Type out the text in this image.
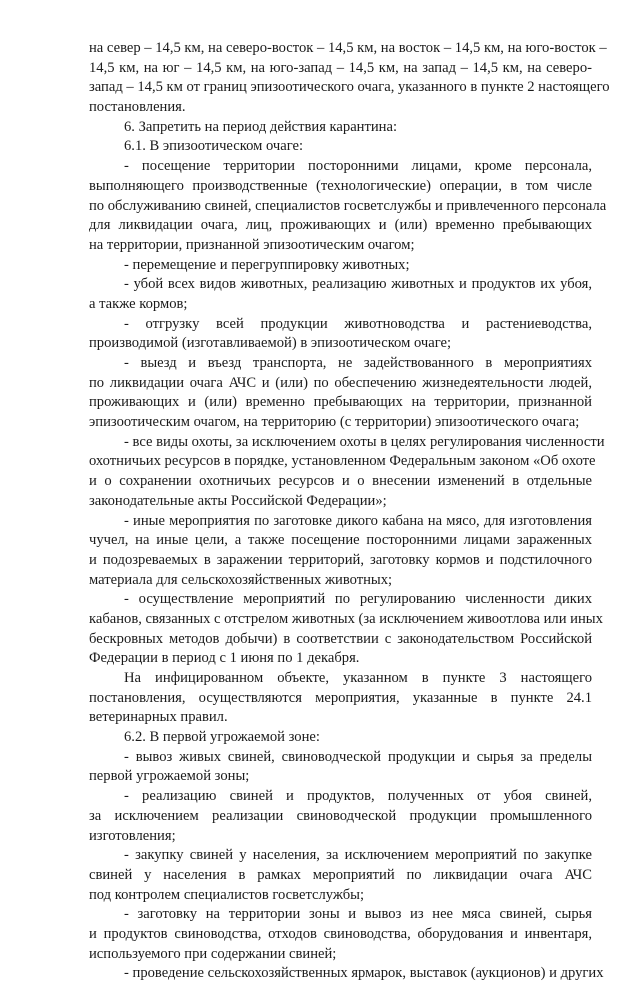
на север – 14,5 км, на северо-восток – 14,5 км, на восток – 14,5 км, на юго-восток –
14,5 км, на юг – 14,5 км, на юго-запад – 14,5 км, на запад – 14,5 км, на северо-
запад – 14,5 км от границ эпизоотического очага, указанного в пункте 2 настоящего
постановления.
6. Запретить на период действия карантина:
6.1. В эпизоотическом очаге:
- посещение территории посторонними лицами, кроме персонала,
выполняющего производственные (технологические) операции, в том числе
по обслуживанию свиней, специалистов госветслужбы и привлеченного персонала
для ликвидации очага, лиц, проживающих и (или) временно пребывающих
на территории, признанной эпизоотическим очагом;
- перемещение и перегруппировку животных;
- убой всех видов животных, реализацию животных и продуктов их убоя,
а также кормов;
- отгрузку всей продукции животноводства и растениеводства,
производимой (изготавливаемой) в эпизоотическом очаге;
- выезд и въезд транспорта, не задействованного в мероприятиях
по ликвидации очага АЧС и (или) по обеспечению жизнедеятельности людей,
проживающих и (или) временно пребывающих на территории, признанной
эпизоотическим очагом, на территорию (с территории) эпизоотического очага;
- все виды охоты, за исключением охоты в целях регулирования численности
охотничьих ресурсов в порядке, установленном Федеральным законом «Об охоте
и о сохранении охотничьих ресурсов и о внесении изменений в отдельные
законодательные акты Российской Федерации»;
- иные мероприятия по заготовке дикого кабана на мясо, для изготовления
чучел, на иные цели, а также посещение посторонними лицами зараженных
и подозреваемых в заражении территорий, заготовку кормов и подстилочного
материала для сельскохозяйственных животных;
- осуществление мероприятий по регулированию численности диких
кабанов, связанных с отстрелом животных (за исключением живоотлова или иных
бескровных методов добычи) в соответствии с законодательством Российской
Федерации в период с 1 июня по 1 декабря.
На инфицированном объекте, указанном в пункте 3 настоящего
постановления, осуществляются мероприятия, указанные в пункте 24.1
ветеринарных правил.
6.2. В первой угрожаемой зоне:
- вывоз живых свиней, свиноводческой продукции и сырья за пределы
первой угрожаемой зоны;
- реализацию свиней и продуктов, полученных от убоя свиней,
за исключением реализации свиноводческой продукции промышленного
изготовления;
- закупку свиней у населения, за исключением мероприятий по закупке
свиней у населения в рамках мероприятий по ликвидации очага АЧС
под контролем специалистов госветслужбы;
- заготовку на территории зоны и вывоз из нее мяса свиней, сырья
и продуктов свиноводства, отходов свиноводства, оборудования и инвентаря,
используемого при содержании свиней;
- проведение сельскохозяйственных ярмарок, выставок (аукционов) и других
